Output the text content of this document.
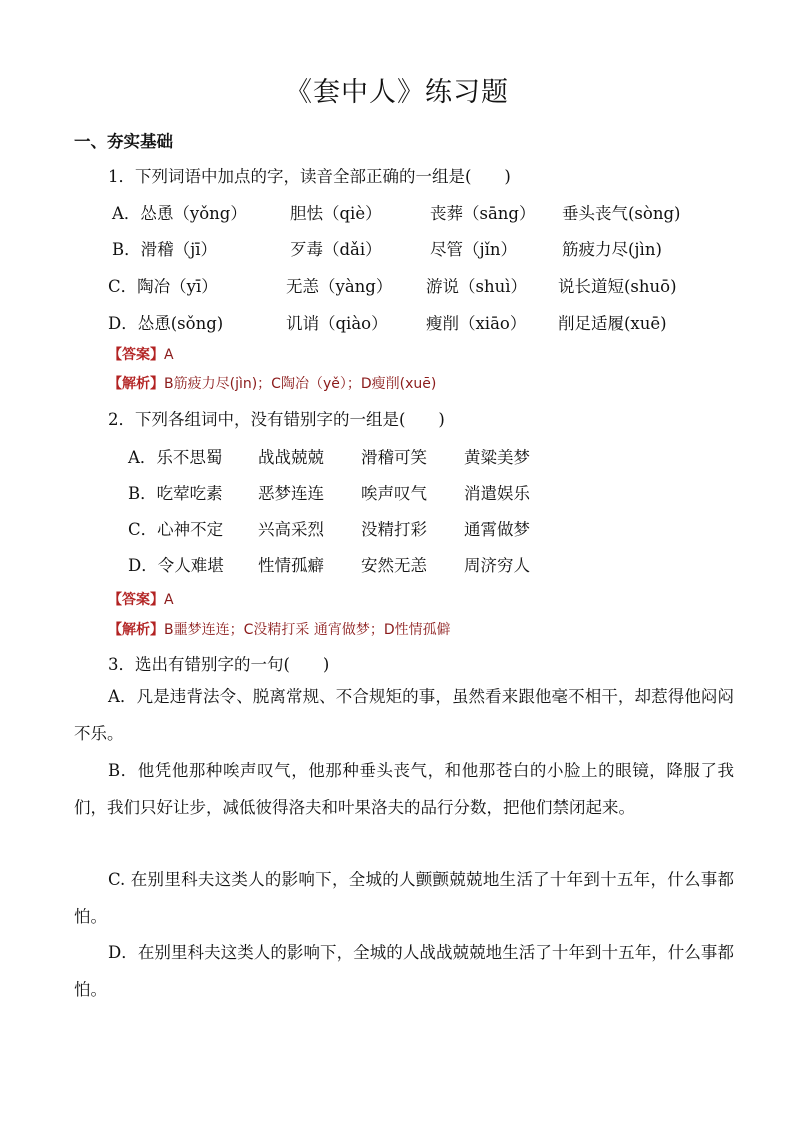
《套中人》练习题
一、夯实基础
1．下列词语中加点的字，读音全部正确的一组是(　　)
A．怂恿（yǒng）	胆怯（qiè）	丧葬（sāng） 垂头丧气(sòng)
B．滑稽（jī）	歹毒（dǎi）	尽管（jǐn）	筋疲力尽(jìn)
C．陶冶（yī）	无恙（yàng） 游说（shuì） 说长道短(shuō)
D．怂恿(sǒng)	讥诮（qiào） 瘦削（xiāo） 削足适履(xuē)
【答案】A
【解析】B筋疲力尽(jìn)；C陶冶（yě）；D瘦削(xuē)
2．下列各组词中，没有错别字的一组是(　　)
A．乐不思蜀 战战兢兢 滑稽可笑 黄粱美梦
B．吃荤吃素 恶梦连连 唉声叹气 消遣娱乐
C．心神不定 兴高采烈 没精打彩 通霄做梦
D．令人难堪 性情孤癖 安然无恙 周济穷人
【答案】A
【解析】B噩梦连连；C没精打采 通宵做梦；D性情孤僻
3．选出有错别字的一句(　　)
A．凡是违背法令、脱离常规、不合规矩的事，虽然看来跟他毫不相干，却惹得他闷闷不乐。
B．他凭他那种唉声叹气，他那种垂头丧气，和他那苍白的小脸上的眼镜，降服了我们，我们只好让步，减低彼得洛夫和叶果洛夫的品行分数，把他们禁闭起来。
C. 在别里科夫这类人的影响下，全城的人颤颤兢兢地生活了十年到十五年，什么事都怕。
D．在别里科夫这类人的影响下，全城的人战战兢兢地生活了十年到十五年，什么事都怕。
